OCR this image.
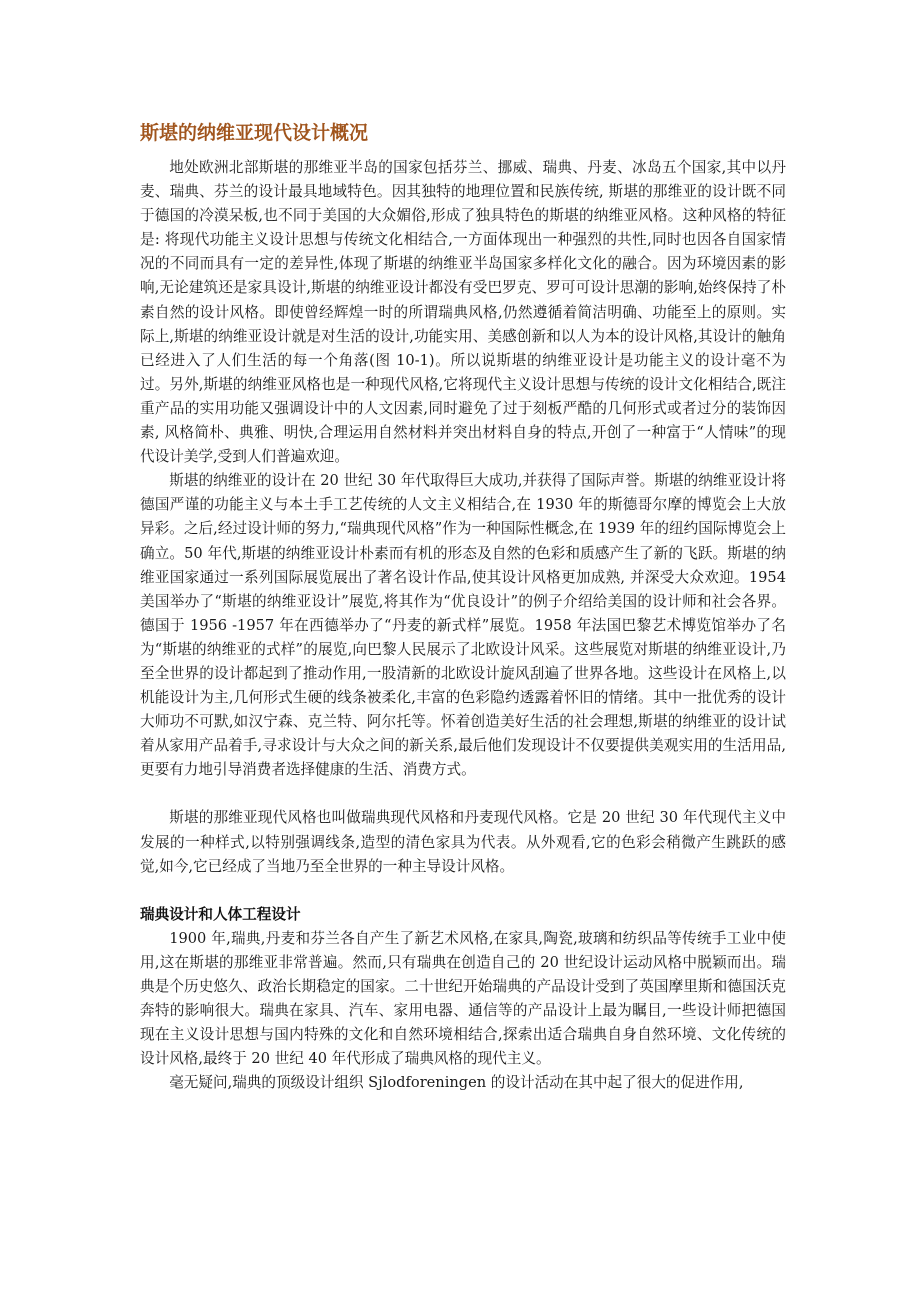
斯堪的纳维亚现代设计概况

地处欧洲北部斯堪的那维亚半岛的国家包括芬兰、挪威、瑞典、丹麦、冰岛五个国家,其中以丹麦、瑞典、芬兰的设计最具地域特色。因其独特的地理位置和民族传统, 斯堪的那维亚的设计既不同于德国的冷漠呆板,也不同于美国的大众媚俗,形成了独具特色的斯堪的纳维亚风格。这种风格的特征是: 将现代功能主义设计思想与传统文化相结合,一方面体现出一种强烈的共性,同时也因各自国家情况的不同而具有一定的差异性,体现了斯堪的纳维亚半岛国家多样化文化的融合。因为环境因素的影响,无论建筑还是家具设计,斯堪的纳维亚设计都没有受巴罗克、罗可可设计思潮的影响,始终保持了朴素自然的设计风格。即使曾经辉煌一时的所谓瑞典风格,仍然遵循着简洁明确、功能至上的原则。实际上,斯堪的纳维亚设计就是对生活的设计,功能实用、美感创新和以人为本的设计风格,其设计的触角已经进入了人们生活的每一个角落(图 10-1)。所以说斯堪的纳维亚设计是功能主义的设计毫不为过。另外,斯堪的纳维亚风格也是一种现代风格,它将现代主义设计思想与传统的设计文化相结合,既注重产品的实用功能又强调设计中的人文因素,同时避免了过于刻板严酷的几何形式或者过分的装饰因素, 风格简朴、典雅、明快,合理运用自然材料并突出材料自身的特点,开创了一种富于“人情味”的现代设计美学,受到人们普遍欢迎。

斯堪的纳维亚的设计在 20 世纪 30 年代取得巨大成功,并获得了国际声誉。斯堪的纳维亚设计将德国严谨的功能主义与本土手工艺传统的人文主义相结合,在 1930 年的斯德哥尔摩的博览会上大放异彩。之后,经过设计师的努力,“瑞典现代风格”作为一种国际性概念,在 1939 年的纽约国际博览会上确立。50 年代,斯堪的纳维亚设计朴素而有机的形态及自然的色彩和质感产生了新的飞跃。斯堪的纳维亚国家通过一系列国际展览展出了著名设计作品,使其设计风格更加成熟, 并深受大众欢迎。1954 美国举办了“斯堪的纳维亚设计”展览,将其作为“优良设计”的例子介绍给美国的设计师和社会各界。德国于 1956 -1957 年在西德举办了“丹麦的新式样”展览。1958 年法国巴黎艺术博览馆举办了名为“斯堪的纳维亚的式样”的展览,向巴黎人民展示了北欧设计风采。这些展览对斯堪的纳维亚设计,乃至全世界的设计都起到了推动作用,一股清新的北欧设计旋风刮遍了世界各地。这些设计在风格上,以机能设计为主,几何形式生硬的线条被柔化,丰富的色彩隐约透露着怀旧的情绪。其中一批优秀的设计大师功不可默,如汉宁森、克兰特、阿尔托等。怀着创造美好生活的社会理想,斯堪的纳维亚的设计试着从家用产品着手,寻求设计与大众之间的新关系,最后他们发现设计不仅要提供美观实用的生活用品,更要有力地引导消费者选择健康的生活、消费方式。

斯堪的那维亚现代风格也叫做瑞典现代风格和丹麦现代风格。它是 20 世纪 30 年代现代主义中发展的一种样式,以特别强调线条,造型的清色家具为代表。从外观看,它的色彩会稍微产生跳跃的感觉,如今,它已经成了当地乃至全世界的一种主导设计风格。

瑞典设计和人体工程设计

1900 年,瑞典,丹麦和芬兰各自产生了新艺术风格,在家具,陶瓷,玻璃和纺织品等传统手工业中使用,这在斯堪的那维亚非常普遍。然而,只有瑞典在创造自己的 20 世纪设计运动风格中脱颖而出。瑞典是个历史悠久、政治长期稳定的国家。二十世纪开始瑞典的产品设计受到了英国摩里斯和德国沃克奔特的影响很大。瑞典在家具、汽车、家用电器、通信等的产品设计上最为瞩目,一些设计师把德国现在主义设计思想与国内特殊的文化和自然环境相结合,探索出适合瑞典自身自然环境、文化传统的设计风格,最终于 20 世纪 40 年代形成了瑞典风格的现代主义。

毫无疑问,瑞典的顶级设计组织 Sjlodforeningen 的设计活动在其中起了很大的促进作用,
